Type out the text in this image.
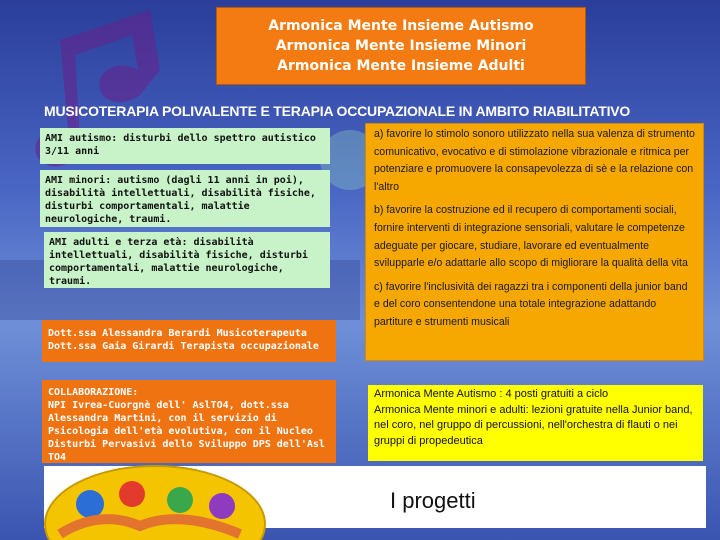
Armonica Mente Insieme Autismo
Armonica Mente Insieme Minori
Armonica Mente Insieme Adulti
MUSICOTERAPIA POLIVALENTE E TERAPIA OCCUPAZIONALE IN AMBITO RIABILITATIVO
AMI autismo: disturbi dello spettro autistico 3/11 anni
AMI minori: autismo (dagli 11 anni in poi), disabilità intellettuali, disabilità fisiche, disturbi comportamentali, malattie neurologiche, traumi.
AMI adulti e terza età: disabilità intellettuali, disabilità fisiche, disturbi comportamentali, malattie neurologiche, traumi.
Dott.ssa Alessandra Berardi Musicoterapeuta
Dott.ssa Gaia Girardi Terapista occupazionale
COLLABORAZIONE:
NPI Ivrea-Cuorgnè dell' AslTO4, dott.ssa Alessandra Martini, con il servizio di Psicologia dell'età evolutiva, con il Nucleo Disturbi Pervasivi dello Sviluppo DPS dell'Asl TO4

a) favorire lo stimolo sonoro utilizzato nella sua valenza di strumento comunicativo, evocativo e di stimolazione vibrazionale e ritmica per potenziare e promuovere la consapevolezza di sè e la relazione con l'altro

b) favorire la costruzione ed il recupero di comportamenti sociali, fornire interventi di integrazione sensoriali, valutare le competenze adeguate per giocare, studiare, lavorare ed eventualmente svilupparle e/o adattarle allo scopo di migliorare la qualità della vita

c) favorire l'inclusività dei ragazzi tra i componenti della junior band e del coro consentendone una totale integrazione adattando partiture e strumenti musicali

Armonica Mente Autismo : 4 posti gratuiti a ciclo
Armonica Mente minori e adulti: lezioni gratuite nella Junior band, nel coro, nel gruppo di percussioni, nell'orchestra di flauti o nei gruppi di propedeutica
I progetti
